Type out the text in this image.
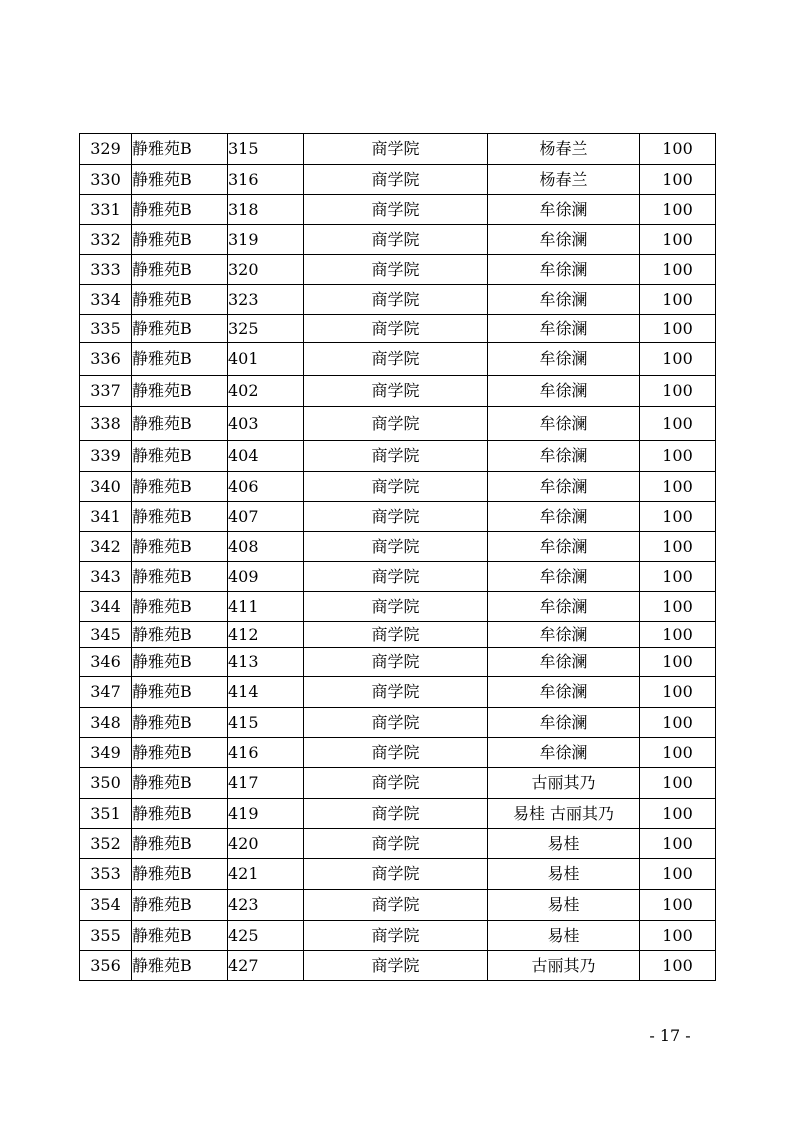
329	静雅苑B	315	商学院	杨春兰	100
330	静雅苑B	316	商学院	杨春兰	100
331	静雅苑B	318	商学院	牟徐澜	100
332	静雅苑B	319	商学院	牟徐澜	100
333	静雅苑B	320	商学院	牟徐澜	100
334	静雅苑B	323	商学院	牟徐澜	100
335	静雅苑B	325	商学院	牟徐澜	100
336	静雅苑B	401	商学院	牟徐澜	100
337	静雅苑B	402	商学院	牟徐澜	100
338	静雅苑B	403	商学院	牟徐澜	100
339	静雅苑B	404	商学院	牟徐澜	100
340	静雅苑B	406	商学院	牟徐澜	100
341	静雅苑B	407	商学院	牟徐澜	100
342	静雅苑B	408	商学院	牟徐澜	100
343	静雅苑B	409	商学院	牟徐澜	100
344	静雅苑B	411	商学院	牟徐澜	100
345	静雅苑B	412	商学院	牟徐澜	100
346	静雅苑B	413	商学院	牟徐澜	100
347	静雅苑B	414	商学院	牟徐澜	100
348	静雅苑B	415	商学院	牟徐澜	100
349	静雅苑B	416	商学院	牟徐澜	100
350	静雅苑B	417	商学院	古丽其乃	100
351	静雅苑B	419	商学院	易桂 古丽其乃	100
352	静雅苑B	420	商学院	易桂	100
353	静雅苑B	421	商学院	易桂	100
354	静雅苑B	423	商学院	易桂	100
355	静雅苑B	425	商学院	易桂	100
356	静雅苑B	427	商学院	古丽其乃	100
- 17 -
